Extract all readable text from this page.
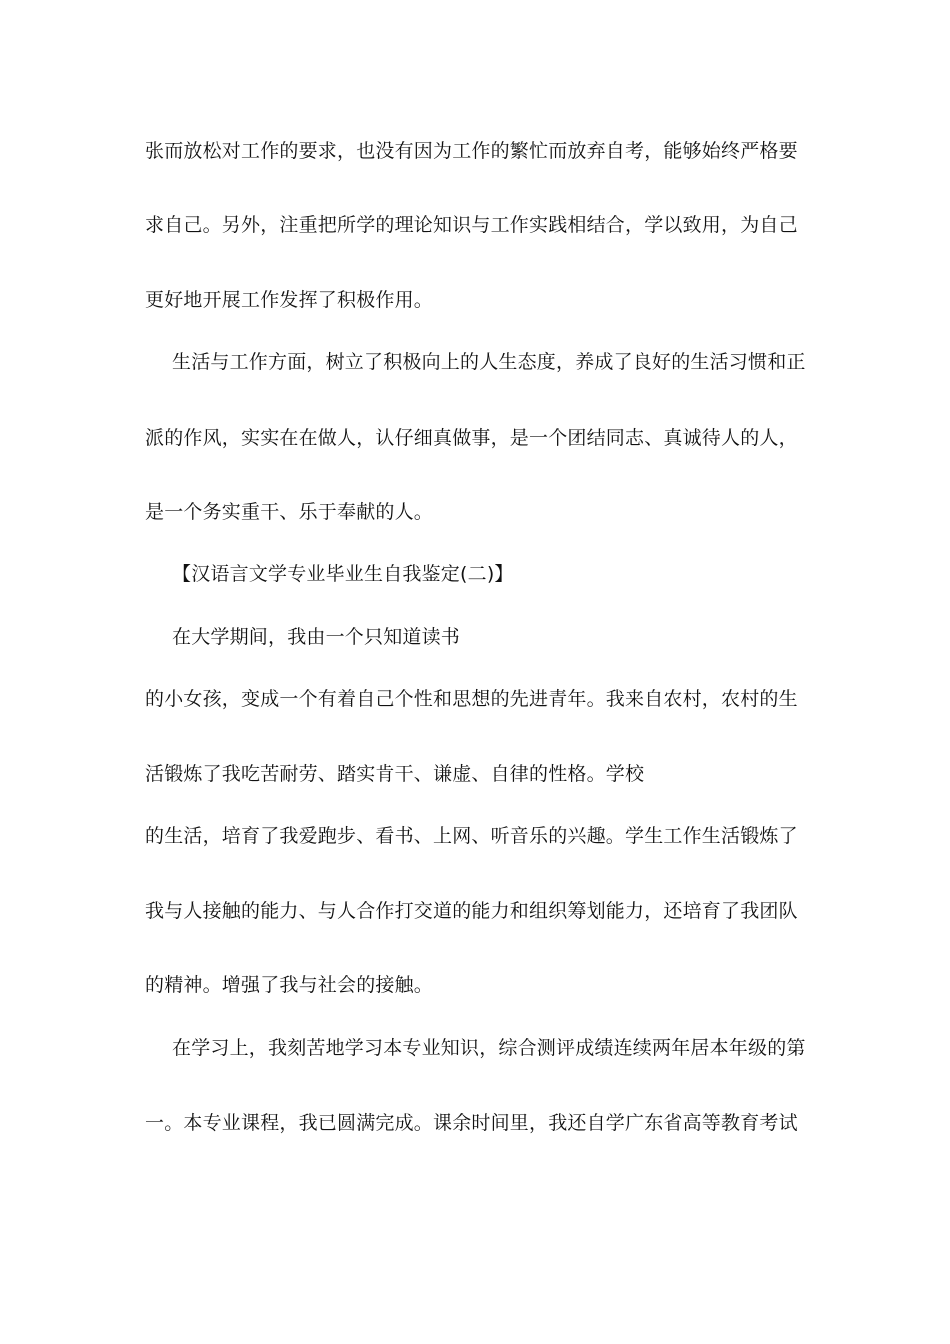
张而放松对工作的要求，也没有因为工作的繁忙而放弃自考，能够始终严格要
求自己。另外，注重把所学的理论知识与工作实践相结合，学以致用，为自己
更好地开展工作发挥了积极作用。
生活与工作方面，树立了积极向上的人生态度，养成了良好的生活习惯和正
派的作风，实实在在做人，认仔细真做事，是一个团结同志、真诚待人的人，
是一个务实重干、乐于奉献的人。
【汉语言文学专业毕业生自我鉴定(二)】
在大学期间，我由一个只知道读书
的小女孩，变成一个有着自己个性和思想的先进青年。我来自农村，农村的生
活锻炼了我吃苦耐劳、踏实肯干、谦虚、自律的性格。学校
的生活，培育了我爱跑步、看书、上网、听音乐的兴趣。学生工作生活锻炼了
我与人接触的能力、与人合作打交道的能力和组织筹划能力，还培育了我团队
的精神。增强了我与社会的接触。
在学习上，我刻苦地学习本专业知识，综合测评成绩连续两年居本年级的第
一。本专业课程，我已圆满完成。课余时间里，我还自学广东省高等教育考试
